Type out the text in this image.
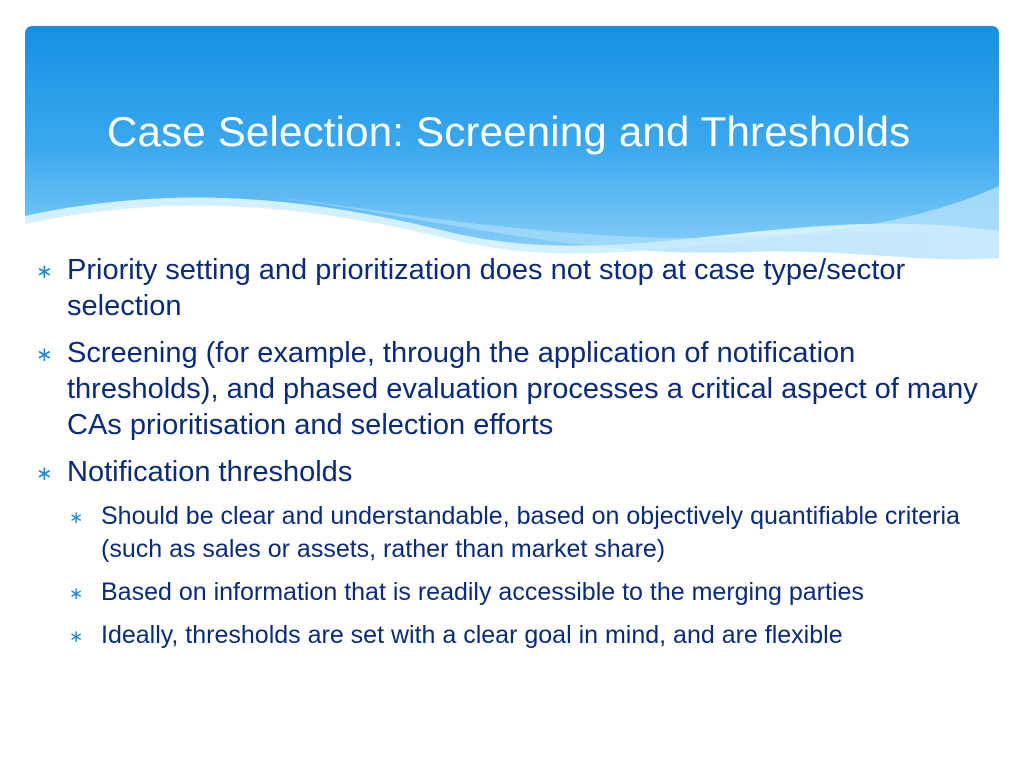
Case Selection: Screening and Thresholds
∗ Priority setting and prioritization does not stop at case type/sector selection
∗ Screening (for example, through the application of notification thresholds), and phased evaluation processes a critical aspect of many CAs prioritisation and selection efforts
∗ Notification thresholds
∗ Should be clear and understandable, based on objectively quantifiable criteria (such as sales or assets, rather than market share)
∗ Based on information that is readily accessible to the merging parties
∗ Ideally, thresholds are set with a clear goal in mind, and are flexible
